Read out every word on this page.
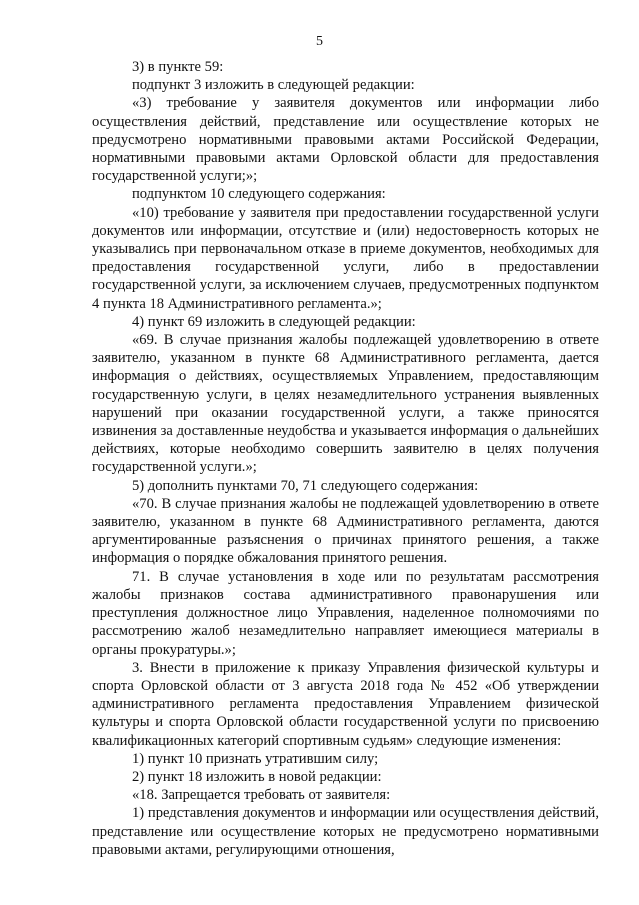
5

3) в пункте 59:

подпункт 3 изложить в следующей редакции:

«3) требование у заявителя документов или информации либо осуществления действий, представление или осуществление которых не предусмотрено нормативными правовыми актами Российской Федерации, нормативными правовыми актами Орловской области для предоставления государственной услуги;»;

подпунктом 10 следующего содержания:

«10) требование у заявителя при предоставлении государственной услуги документов или информации, отсутствие и (или) недостоверность которых не указывались при первоначальном отказе в приеме документов, необходимых для предоставления государственной услуги, либо в предоставлении государственной услуги, за исключением случаев, предусмотренных подпунктом 4 пункта 18 Административного регламента.»;

4) пункт 69 изложить в следующей редакции:

«69. В случае признания жалобы подлежащей удовлетворению в ответе заявителю, указанном в пункте 68 Административного регламента, дается информация о действиях, осуществляемых Управлением, предоставляющим государственную услуги, в целях незамедлительного устранения выявленных нарушений при оказании государственной услуги, а также приносятся извинения за доставленные неудобства и указывается информация о дальнейших действиях, которые необходимо совершить заявителю в целях получения государственной услуги.»;

5) дополнить пунктами 70, 71 следующего содержания:

«70. В случае признания жалобы не подлежащей удовлетворению в ответе заявителю, указанном в пункте 68 Административного регламента, даются аргументированные разъяснения о причинах принятого решения, а также информация о порядке обжалования принятого решения.

71. В случае установления в ходе или по результатам рассмотрения жалобы признаков состава административного правонарушения или преступления должностное лицо Управления, наделенное полномочиями по рассмотрению жалоб незамедлительно направляет имеющиеся материалы в органы прокуратуры.»;

3. Внести в приложение к приказу Управления физической культуры и спорта Орловской области от 3 августа 2018 года № 452 «Об утверждении административного регламента предоставления Управлением физической культуры и спорта Орловской области государственной услуги по присвоению квалификационных категорий спортивным судьям» следующие изменения:

1) пункт 10 признать утратившим силу;

2) пункт 18 изложить в новой редакции:

«18. Запрещается требовать от заявителя:

1) представления документов и информации или осуществления действий, представление или осуществление которых не предусмотрено нормативными правовыми актами, регулирующими отношения,
